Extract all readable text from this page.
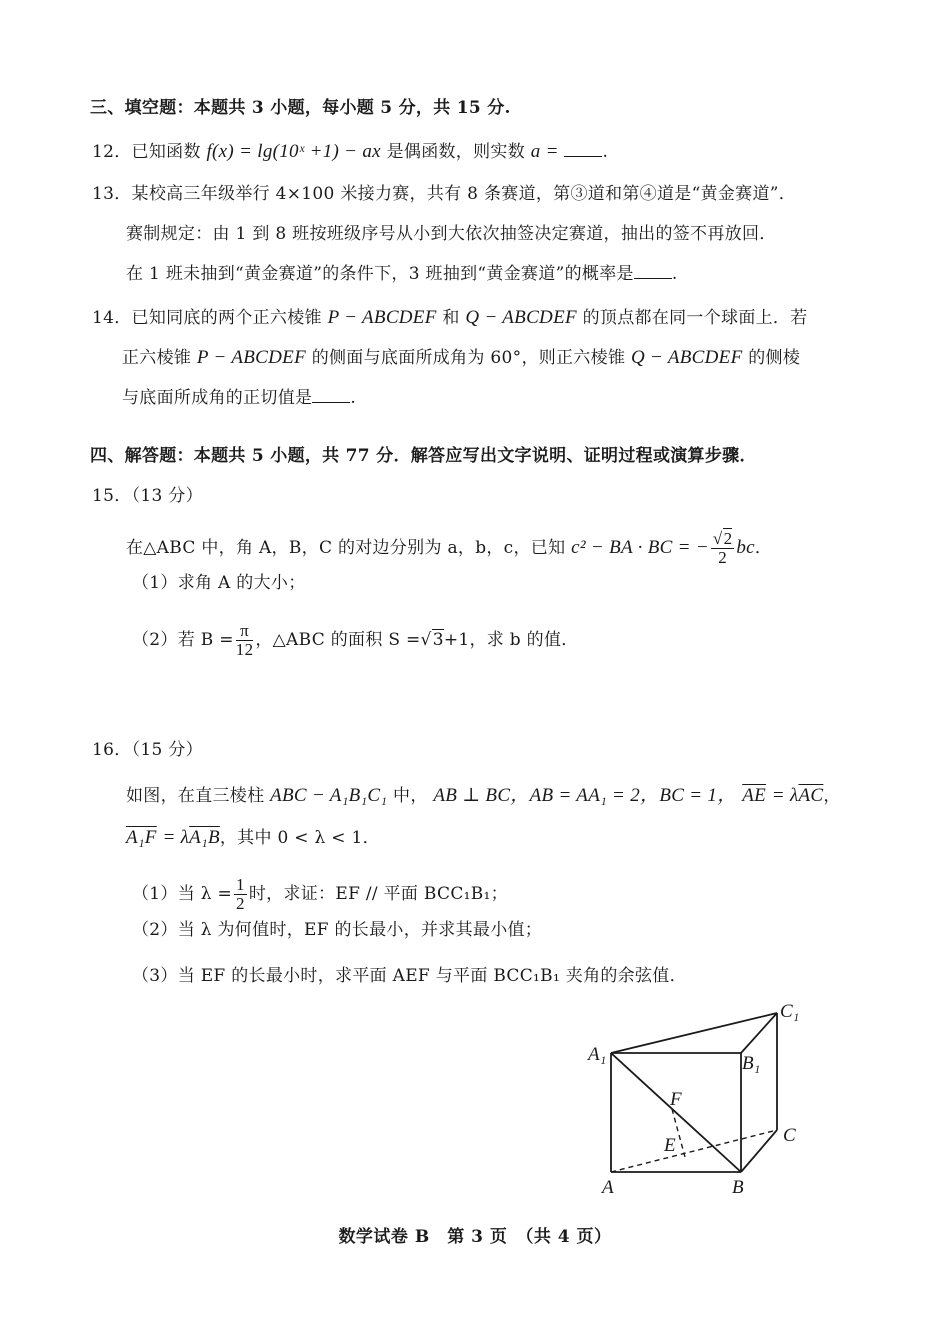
三、填空题：本题共 3 小题，每小题 5 分，共 15 分.
12．已知函数 f(x) = lg(10ˣ +1) − ax 是偶函数，则实数 a =	.
13．某校高三年级举行 4×100 米接力赛，共有 8 条赛道，第③道和第④道是“黄金赛道”．
赛制规定：由 1 到 8 班按班级序号从小到大依次抽签决定赛道，抽出的签不再放回．
在 1 班未抽到“黄金赛道”的条件下，3 班抽到“黄金赛道”的概率是 .
14．已知同底的两个正六棱锥 P − ABCDEF 和 Q − ABCDEF 的顶点都在同一个球面上．若
正六棱锥 P − ABCDEF 的侧面与底面所成角为 60°，则正六棱锥 Q − ABCDEF 的侧棱
与底面所成角的正切值是 .
四、解答题：本题共 5 小题，共 77 分．解答应写出文字说明、证明过程或演算步骤．
15．（13 分）
在△ABC 中，角 A，B，C 的对边分别为 a，b，c，已知 c² − BA · BC = − $\frac{√2}{2}$ bc．
（1）求角 A 的大小；
（2）若 $B = \frac{\pi}{12}$ ，△ABC 的面积 S =√3+1，求 b 的值．
16．（15 分）
如图，在直三棱柱 ABC − A₁B₁C₁ 中， AB ⊥ BC，AB = AA₁ = 2，BC = 1， $\overline{AE} = \lambda\overline{AC}$，
A₁F = λA₁B，其中 0 < λ < 1．
（1）当 $\lambda = \frac{1}{2}$ 时，求证：EF // 平面 BCC₁B₁；
（2）当 λ 为何值时，EF 的长最小，并求其最小值；
（3）当 EF 的长最小时，求平面 AEF 与平面 BCC₁B₁ 夹角的余弦值．
A₁	B₁
C₁
F
E	C
A	B
数学试卷 B　第 3 页　（共 4 页）
